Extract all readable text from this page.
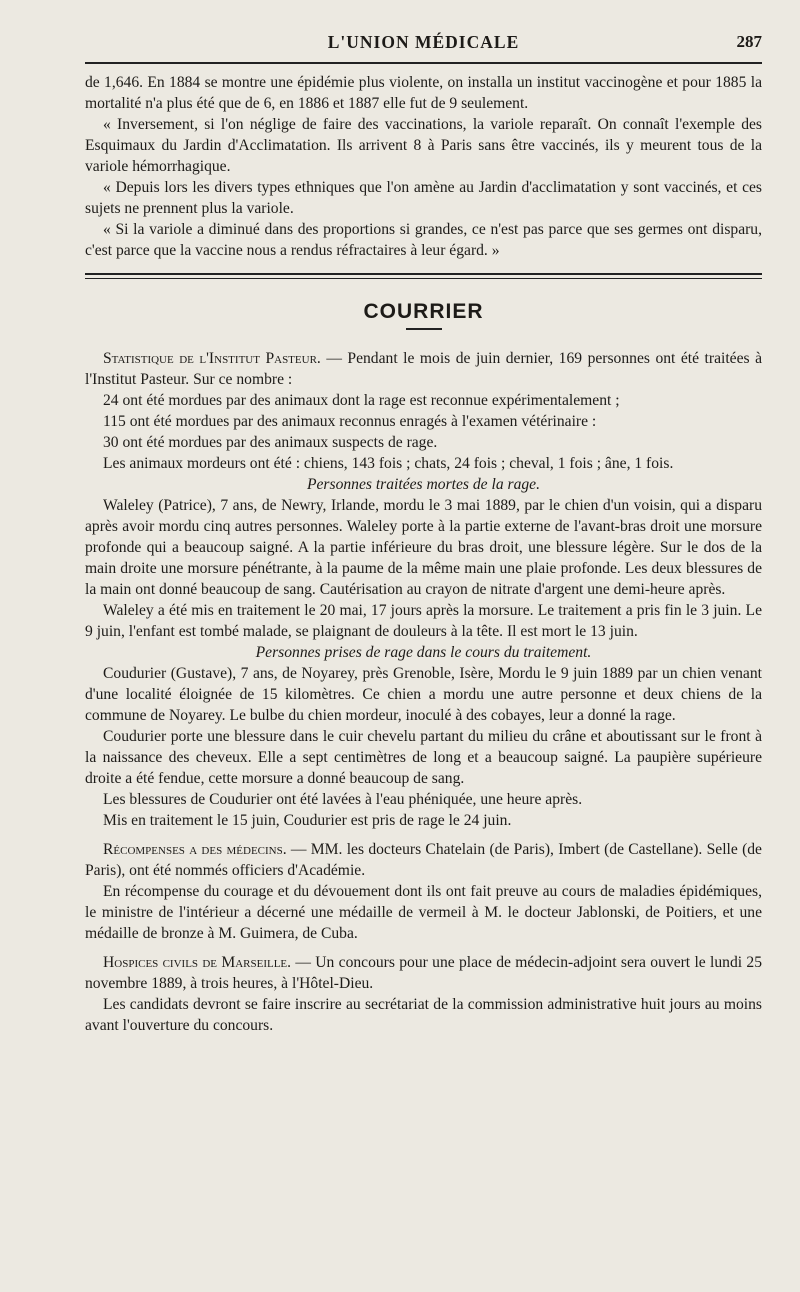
L'UNION MÉDICALE	287

de 1,646. En 1884 se montre une épidémie plus violente, on installa un institut vaccinogène et pour 1885 la mortalité n'a plus été que de 6, en 1886 et 1887 elle fut de 9 seulement.

« Inversement, si l'on néglige de faire des vaccinations, la variole reparaît. On connaît l'exemple des Esquimaux du Jardin d'Acclimatation. Ils arrivent 8 à Paris sans être vaccinés, ils y meurent tous de la variole hémorrhagique.

« Depuis lors les divers types ethniques que l'on amène au Jardin d'acclimatation y sont vaccinés, et ces sujets ne prennent plus la variole.

« Si la variole a diminué dans des proportions si grandes, ce n'est pas parce que ses germes ont disparu, c'est parce que la vaccine nous a rendus réfractaires à leur égard. »

COURRIER

Statistique de l'Institut Pasteur. — Pendant le mois de juin dernier, 169 personnes ont été traitées à l'Institut Pasteur. Sur ce nombre :

24 ont été mordues par des animaux dont la rage est reconnue expérimentalement ;

115 ont été mordues par des animaux reconnus enragés à l'examen vétérinaire :

30 ont été mordues par des animaux suspects de rage.

Les animaux mordeurs ont été : chiens, 143 fois ; chats, 24 fois ; cheval, 1 fois ; âne, 1 fois.

Personnes traitées mortes de la rage.

Waleley (Patrice), 7 ans, de Newry, Irlande, mordu le 3 mai 1889, par le chien d'un voisin, qui a disparu après avoir mordu cinq autres personnes. Waleley porte à la partie externe de l'avant-bras droit une morsure profonde qui a beaucoup saigné. A la partie inférieure du bras droit, une blessure légère. Sur le dos de la main droite une morsure pénétrante, à la paume de la même main une plaie profonde. Les deux blessures de la main ont donné beaucoup de sang. Cautérisation au crayon de nitrate d'argent une demi-heure après.

Waleley a été mis en traitement le 20 mai, 17 jours après la morsure. Le traitement a pris fin le 3 juin. Le 9 juin, l'enfant est tombé malade, se plaignant de douleurs à la tête. Il est mort le 13 juin.

Personnes prises de rage dans le cours du traitement.

Coudurier (Gustave), 7 ans, de Noyarey, près Grenoble, Isère, Mordu le 9 juin 1889 par un chien venant d'une localité éloignée de 15 kilomètres. Ce chien a mordu une autre personne et deux chiens de la commune de Noyarey. Le bulbe du chien mordeur, inoculé à des cobayes, leur a donné la rage.

Coudurier porte une blessure dans le cuir chevelu partant du milieu du crâne et aboutissant sur le front à la naissance des cheveux. Elle a sept centimètres de long et a beaucoup saigné. La paupière supérieure droite a été fendue, cette morsure a donné beaucoup de sang.

Les blessures de Coudurier ont été lavées à l'eau phéniquée, une heure après.

Mis en traitement le 15 juin, Coudurier est pris de rage le 24 juin.

Récompenses a des médecins. — MM. les docteurs Chatelain (de Paris), Imbert (de Castellane). Selle (de Paris), ont été nommés officiers d'Académie.

En récompense du courage et du dévouement dont ils ont fait preuve au cours de maladies épidémiques, le ministre de l'intérieur a décerné une médaille de vermeil à M. le docteur Jablonski, de Poitiers, et une médaille de bronze à M. Guimera, de Cuba.

Hospices civils de Marseille. — Un concours pour une place de médecin-adjoint sera ouvert le lundi 25 novembre 1889, à trois heures, à l'Hôtel-Dieu.

Les candidats devront se faire inscrire au secrétariat de la commission administrative huit jours au moins avant l'ouverture du concours.
